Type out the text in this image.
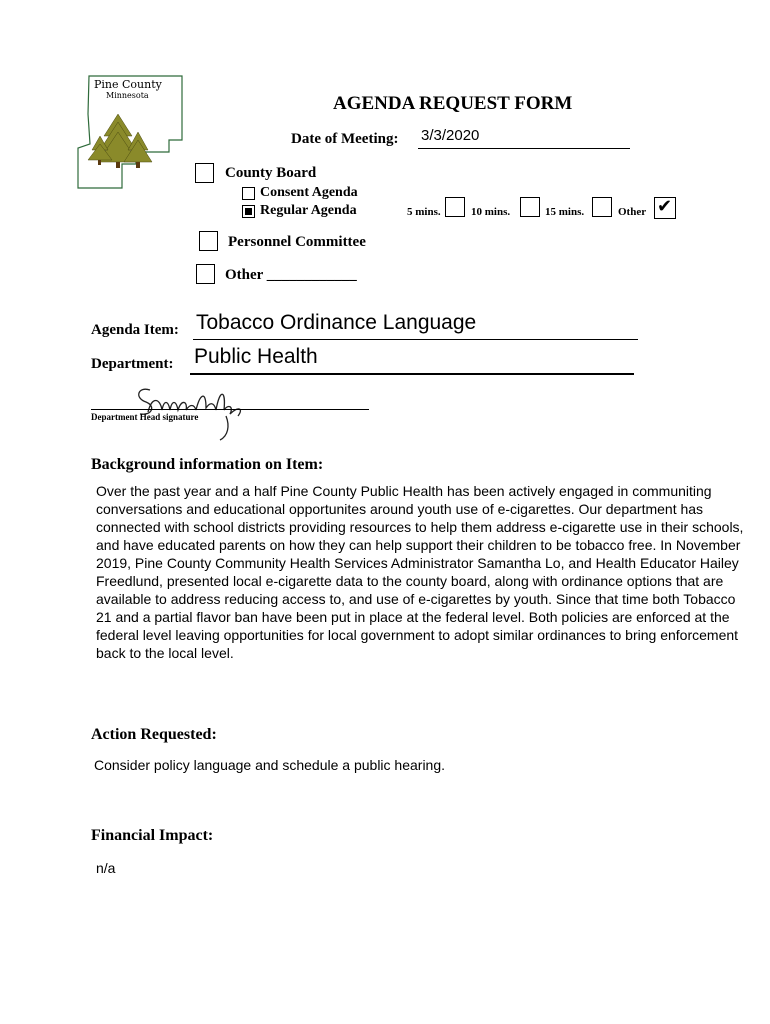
Pine County
Minnesota	AGENDA REQUEST FORM
Date of Meeting: 3/3/2020
County Board
Consent Agenda
Regular Agenda	5 mins.	10 mins.	15 mins.	Other ✔
Personnel Committee
Other ____________
Agenda Item: Tobacco Ordinance Language
Department: Public Health
Department Head signature
Background information on Item:
Over the past year and a half Pine County Public Health has been actively engaged in communiting conversations and educational opportunites around youth use of e-cigarettes. Our department has connected with school districts providing resources to help them address e-cigarette use in their schools, and have educated parents on how they can help support their children to be tobacco free. In November 2019, Pine County Community Health Services Administrator Samantha Lo, and Health Educator Hailey Freedlund, presented local e-cigarette data to the county board, along with ordinance options that are available to address reducing access to, and use of e-cigarettes by youth. Since that time both Tobacco 21 and a partial flavor ban have been put in place at the federal level. Both policies are enforced at the federal level leaving opportunities for local government to adopt similar ordinances to bring enforcement back to the local level.
Action Requested:
Consider policy language and schedule a public hearing.
Financial Impact:
n/a
